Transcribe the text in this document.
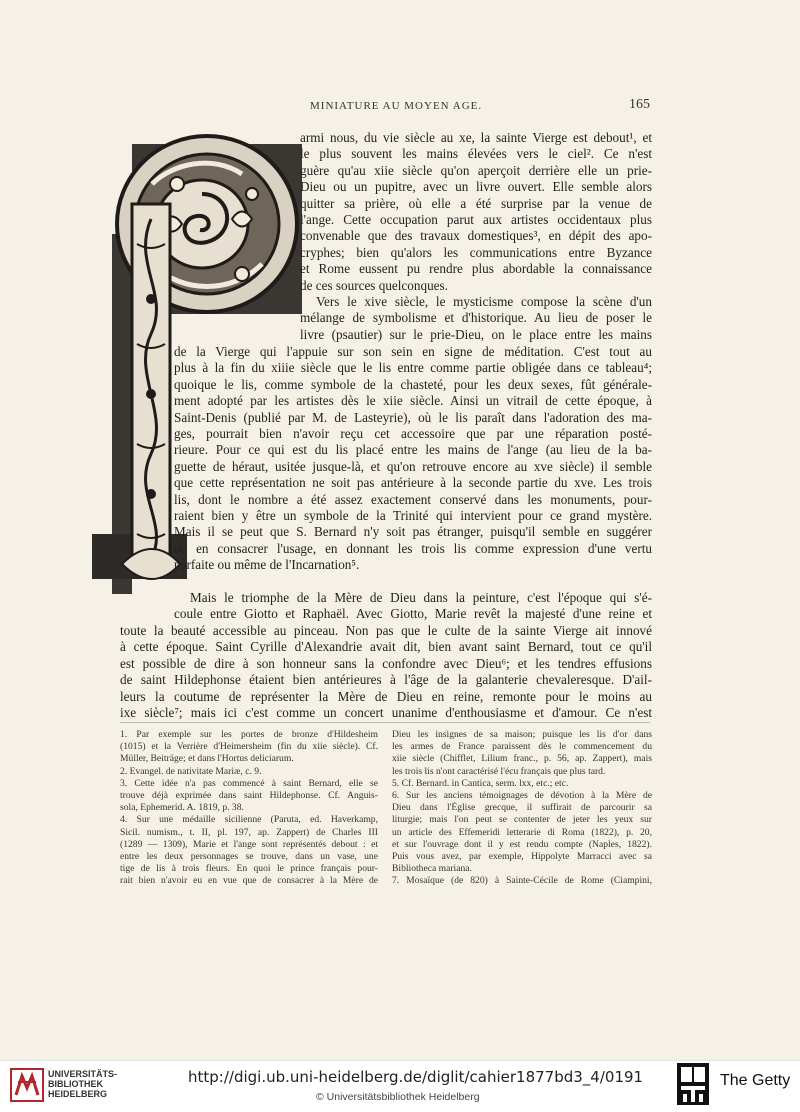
MINIATURE AU MOYEN AGE.	165

armi nous, du vie siècle au xe, la sainte Vierge est debout¹, et
le plus souvent les mains élevées vers le ciel². Ce n'est
guère qu'au xiie siècle qu'on aperçoit derrière elle un prie-
Dieu ou un pupitre, avec un livre ouvert. Elle semble alors
quitter sa prière, où elle a été surprise par la venue de
l'ange. Cette occupation parut aux artistes occidentaux plus
convenable que des travaux domestiques³, en dépit des apo-
cryphes; bien qu'alors les communications entre Byzance
et Rome eussent pu rendre plus abordable la connaissance
de ces sources quelconques.

Vers le xive siècle, le mysticisme compose la scène d'un
mélange de symbolisme et d'historique. Au lieu de poser le
livre (psautier) sur le prie-Dieu, on le place entre les mains

de la Vierge qui l'appuie sur son sein en signe de méditation. C'est tout au
plus à la fin du xiiie siècle que le lis entre comme partie obligée dans ce tableau⁴;
quoique le lis, comme symbole de la chasteté, pour les deux sexes, fût générale-
ment adopté par les artistes dès le xiie siècle. Ainsi un vitrail de cette époque, à
Saint-Denis (publié par M. de Lasteyrie), où le lis paraît dans l'adoration des ma-
ges, pourrait bien n'avoir reçu cet accessoire que par une réparation posté-
rieure. Pour ce qui est du lis placé entre les mains de l'ange (au lieu de la ba-
guette de héraut, usitée jusque-là, et qu'on retrouve encore au xve siècle) il semble
que cette représentation ne soit pas antérieure à la seconde partie du xve. Les trois
lis, dont le nombre a été assez exactement conservé dans les monuments, pour-
raient bien y être un symbole de la Trinité qui intervient pour ce grand mystère.
Mais il se peut que S. Bernard n'y soit pas étranger, puisqu'il semble en suggérer
ou en consacrer l'usage, en donnant les trois lis comme expression d'une vertu
parfaite ou même de l'Incarnation⁵.

Mais le triomphe de la Mère de Dieu dans la peinture, c'est l'époque qui s'é-
coule entre Giotto et Raphaël. Avec Giotto, Marie revêt la majesté d'une reine et

toute la beauté accessible au pinceau. Non pas que le culte de la sainte Vierge ait innové
à cette époque. Saint Cyrille d'Alexandrie avait dit, bien avant saint Bernard, tout ce qu'il
est possible de dire à son honneur sans la confondre avec Dieu⁶; et les tendres effusions
de saint Hildephonse étaient bien antérieures à l'âge de la galanterie chevaleresque. D'ail-
leurs la coutume de représenter la Mère de Dieu en reine, remonte pour le moins au
ixe siècle⁷; mais ici c'est comme un concert unanime d'enthousiasme et d'amour. Ce n'est

1. Par exemple sur les portes de bronze d'Hildesheim
(1015) et la Verrière d'Heimersheim (fin du xiie siècle). Cf.
Müller, Beiträge; et dans l'Hortus deliciarum.
2. Evangel. de nativitate Mariæ, c. 9.
3. Cette idée n'a pas commencé à saint Bernard, elle se
trouve déjà exprimée dans saint Hildephonse. Cf. Anguis-
sola, Ephemerid. A. 1819, p. 38.
4. Sur une médaille sicilienne (Paruta, ed. Haverkamp,
Sicil. numism., t. II, pl. 197, ap. Zappert) de Charles III
(1289 — 1309), Marie et l'ange sont représentés debout : et
entre les deux personnages se trouve, dans un vase, une
tige de lis à trois fleurs. En quoi le prince français pour-
rait bien n'avoir eu en vue que de consacrer à la Mère de
Dieu les insignes de sa maison; puisque les lis d'or dans
les armes de France paraissent dès le commencement du
xiie siècle (Chifflet, Lilium franc., p. 56, ap. Zappert), mais
les trois lis n'ont caractérisé l'écu français que plus tard.
5. Cf. Bernard. in Cantica, serm. lxx, etc.; etc.
6. Sur les anciens témoignages de dévotion à la Mère de
Dieu dans l'Église grecque, il suffirait de parcourir sa
liturgie; mais l'on peut se contenter de jeter les yeux sur
un article des Effemeridi letterarie di Roma (1822), p. 20,
et sur l'ouvrage dont il y est rendu compte (Naples, 1822).
Puis vous avez, par exemple, Hippolyte Marracci avec sa
Bibliotheca mariana.
7. Mosaïque (de 820) à Sainte-Cécile de Rome (Ciampini,
UNIVERSITÄTS-
BIBLIOTHEK
HEIDELBERG
http://digi.ub.uni-heidelberg.de/diglit/cahier1877bd3_4/0191
© Universitätsbibliothek Heidelberg
The Getty
